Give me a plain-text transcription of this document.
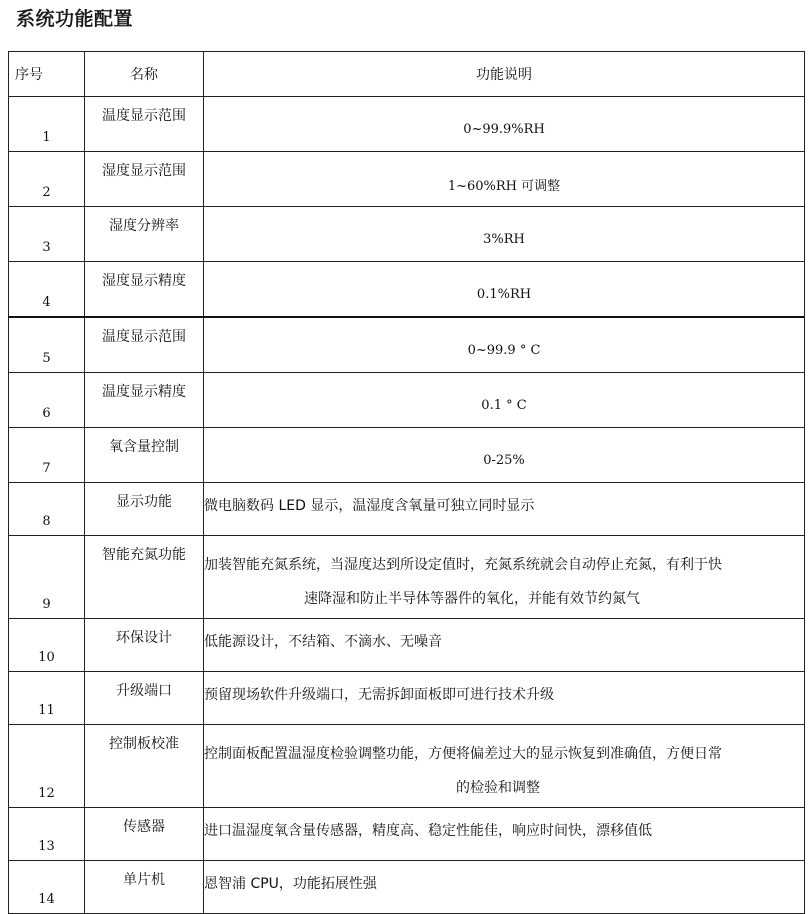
系统功能配置
序号	名称	功能说明
1	温度显示范围	0~99.9%RH
2	湿度显示范围	1~60%RH 可调整
3	湿度分辨率	3%RH
4	湿度显示精度	0.1%RH
5	温度显示范围	0~99.9 ° C
6	温度显示精度	0.1 ° C
7	氧含量控制	0-25%
8	显示功能	微电脑数码 LED 显示，温湿度含氧量可独立同时显示
9	智能充氮功能	加装智能充氮系统，当湿度达到所设定值时，充氮系统就会自动停止充氮，有利于快
速降湿和防止半导体等器件的氧化，并能有效节约氮气

10	环保设计	低能源设计，不结箱、不滴水、无噪音
11	升级端口	预留现场软件升级端口，无需拆卸面板即可进行技术升级
12	控制板校准	控制面板配置温湿度检验调整功能，方便将偏差过大的显示恢复到准确值，方便日常
的检验和调整

13	传感器	进口温湿度氧含量传感器，精度高、稳定性能佳，响应时间快，漂移值低
14	单片机	恩智浦 CPU，功能拓展性强
